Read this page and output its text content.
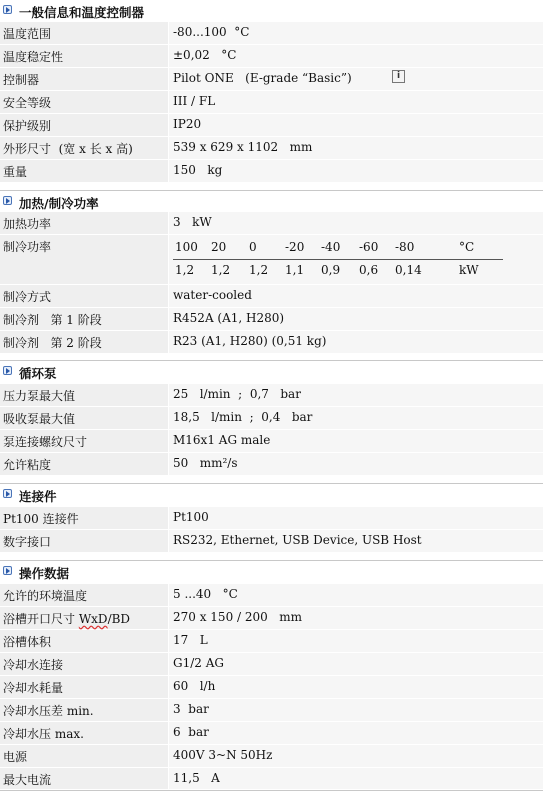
一般信息和温度控制器
温度范围	-80...100  °C
温度稳定性	±0,02   °C
控制器	Pilot ONE   (E-grade “Basic”)	i
安全等级	III / FL
保护级别	IP20
外形尺寸  (宽 x 长 x 高)	539 x 629 x 1102   mm
重量	150   kg
加热/制冷功率
加热功率	3   kW
制冷功率	100 20 0 -20 -40 -60 -80	°C
1,2 1,2 1,2 1,1 0,9 0,6 0,14	kW
制冷方式	water-cooled
制冷剂   第 1 阶段	R452A (A1, H280)
制冷剂   第 2 阶段	R23 (A1, H280) (0,51 kg)
循环泵
压力泵最大值	25   l/min  ;  0,7   bar
吸收泵最大值	18,5   l/min  ;  0,4   bar
泵连接螺纹尺寸	M16x1 AG male
允许粘度	50   mm²/s
连接件
Pt100 连接件	Pt100
数字接口	RS232, Ethernet, USB Device, USB Host
操作数据
允许的环境温度	5 ...40   °C
浴槽开口尺寸 WxD/BD	270 x 150 / 200   mm
浴槽体积	17   L
冷却水连接	G1/2 AG
冷却水耗量	60   l/h
冷却水压差 min.	3  bar
冷却水压 max.	6  bar
电源	400V 3~N 50Hz
最大电流	11,5   A
